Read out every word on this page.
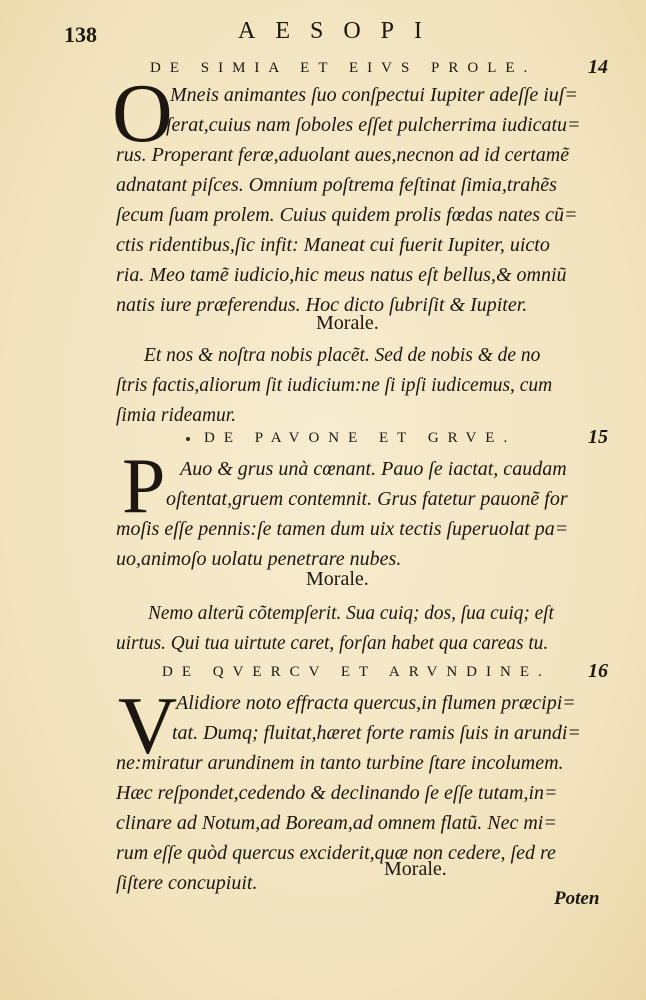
138	AESOPI
DE SIMIA ET EIVS PROLE.	14
O
Mneis animantes ſuo conſpectui Iupiter adeſſe iuſ=
ſerat,cuius nam ſoboles eſſet pulcherrima iudicatu=
rus. Properant feræ,aduolant aues,necnon ad id certamẽ
adnatant piſces. Omnium poſtrema feſtinat ſimia,trahẽs
ſecum ſuam prolem. Cuius quidem prolis fœdas nates cũ=
ctis ridentibus,ſic infit: Maneat cui fuerit Iupiter, uicto
ria. Meo tamẽ iudicio,hic meus natus eſt bellus,& omniũ
natis iure præferendus. Hoc dicto ſubriſit & Iupiter.
Morale.
Et nos & noſtra nobis placẽt. Sed de nobis & de no
ſtris factis,aliorum ſit iudicium:ne ſi ipſi iudicemus, cum
ſimia rideamur.
DE PAVONE ET GRVE.	15
P Auo & grus unà cœnant. Pauo ſe iactat, caudam
oſtentat,gruem contemnit. Grus fatetur pauonẽ for
moſis eſſe pennis:ſe tamen dum uix tectis ſuperuolat pa=
uo,animoſo uolatu penetrare nubes.
Morale.
Nemo alterũ cõtempſerit. Sua cuiq; dos, ſua cuiq; eſt
uirtus. Qui tua uirtute caret, forſan habet qua careas tu.
DE QVERCV ET ARVNDINE. 16
V
Alidiore noto effracta quercus,in flumen præcipi=
tat. Dumq; fluitat,hæret forte ramis ſuis in arundi=
ne:miratur arundinem in tanto turbine ſtare incolumem.
Hæc reſpondet,cedendo & declinando ſe eſſe tutam,in=
clinare ad Notum,ad Boream,ad omnem flatũ. Nec mi=
rum eſſe quòd quercus exciderit,quæ non cedere, ſed re
ſiſtere concupiuit.
Morale.
Poten
